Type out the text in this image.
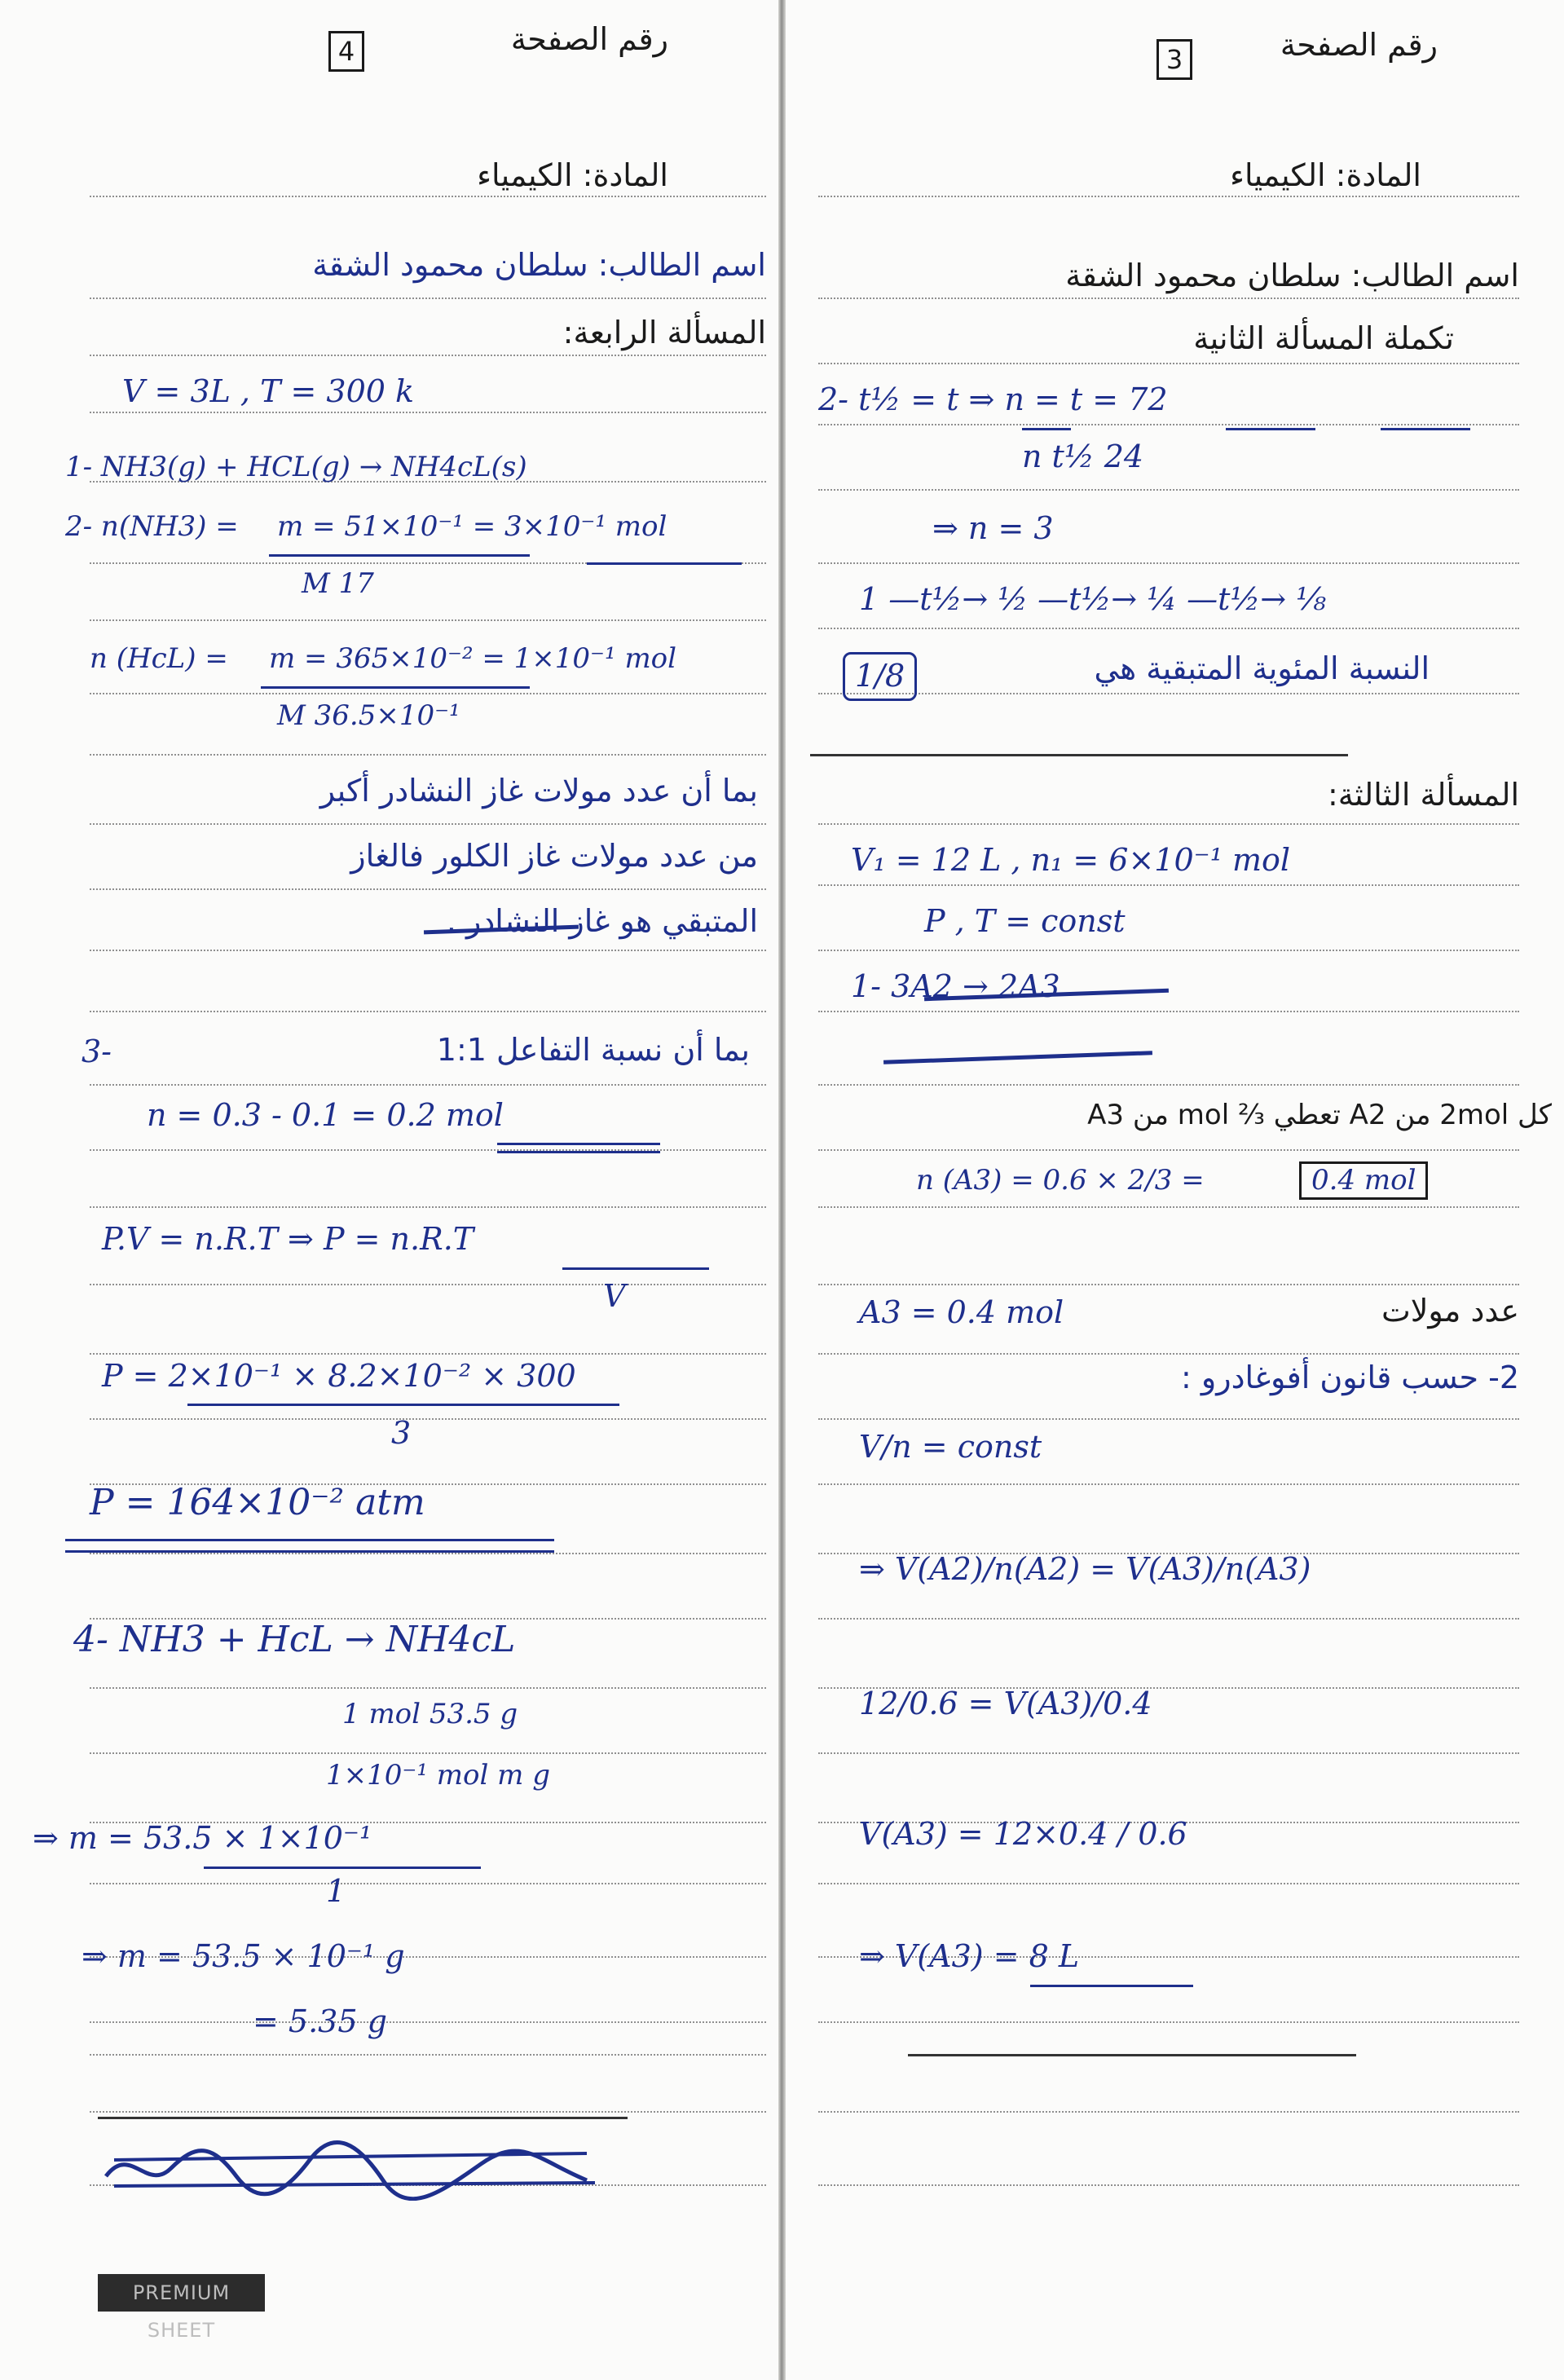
رقم الصفحة
4
المادة: الكيمياء
اسم الطالب: سلطان محمود الشقة
المسألة الرابعة:
V = 3L , T = 300 k
1- NH3(g) + HCL(g) → NH4cL(s)
2- n(NH3) = m = 51×10⁻¹ = 3×10⁻¹ mol
M 17
n (HcL) = m = 365×10⁻² = 1×10⁻¹ mol
M 36.5×10⁻¹
بما أن عدد مولات غاز النشادر أكبر
من عدد مولات غاز الكلور فالغاز
المتبقي هو غاز النشادر .
3-	بما أن نسبة التفاعل 1:1
n = 0.3 - 0.1 = 0.2 mol
P.V = n.R.T ⇒ P = n.R.T
V
P = 2×10⁻¹ × 8.2×10⁻² × 300
3
P = 164×10⁻² atm
4- NH3 + HcL → NH4cL
1 mol 53.5 g
1×10⁻¹ mol m g
⇒ m = 53.5 × 1×10⁻¹
1
⇒ m = 53.5 × 10⁻¹ g
= 5.35 g
PREMIUM SHEET
رقم الصفحة
3
المادة: الكيمياء
اسم الطالب: سلطان محمود الشقة
تكملة المسألة الثانية
2- t½ = t ⇒ n = t = 72
n t½ 24
⇒ n = 3
1 —t½→ ½ —t½→ ¼ —t½→ ⅛
النسبة المئوية المتبقية هي
1/8
المسألة الثالثة:
V₁ = 12 L , n₁ = 6×10⁻¹ mol
P , T = const
1- 3A2 → 2A3
كل 2mol من A2 تعطي ⅔ mol من A3
n (A3) = 0.6 × 2/3 =	0.4 mol
A3 = 0.4 mol	عدد مولات
2- حسب قانون أفوغادرو :
V/n = const
⇒ V(A2)/n(A2) = V(A3)/n(A3)
12/0.6 = V(A3)/0.4
V(A3) = 12×0.4 / 0.6
⇒ V(A3) = 8 L
